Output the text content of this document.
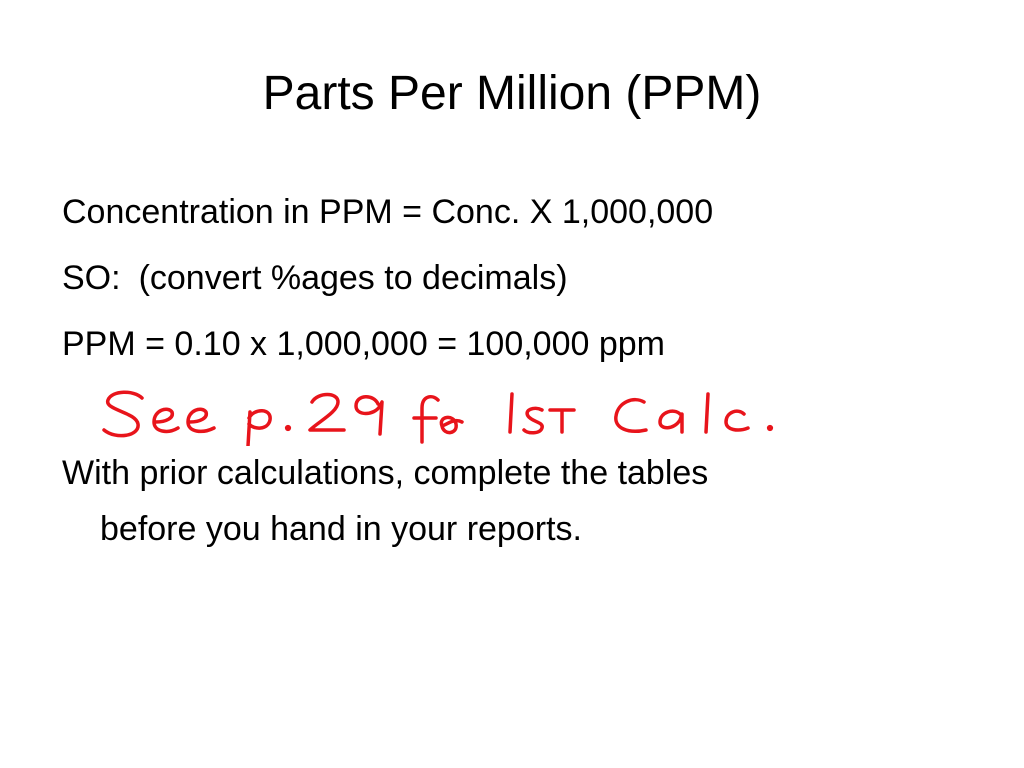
Parts Per Million (PPM)

Concentration in PPM = Conc. X 1,000,000

SO: (convert %ages to decimals)

PPM = 0.10 x 1,000,000 = 100,000 ppm

With prior calculations, complete the tables

before you hand in your reports.
